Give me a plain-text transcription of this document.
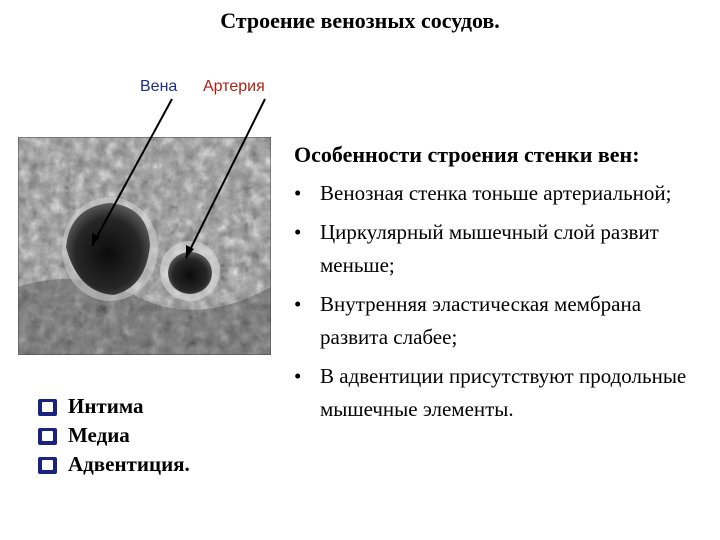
Строение венозных сосудов.
Вена Артерия
Особенности строения стенки вен:
• Венозная стенка тоньше артериальной;
• Циркулярный мышечный слой развит меньше;
• Внутренняя эластическая мембрана развита слабее;
• В адвентиции присутствуют продольные мышечные элементы.
Интима
Медиа
Адвентиция.
